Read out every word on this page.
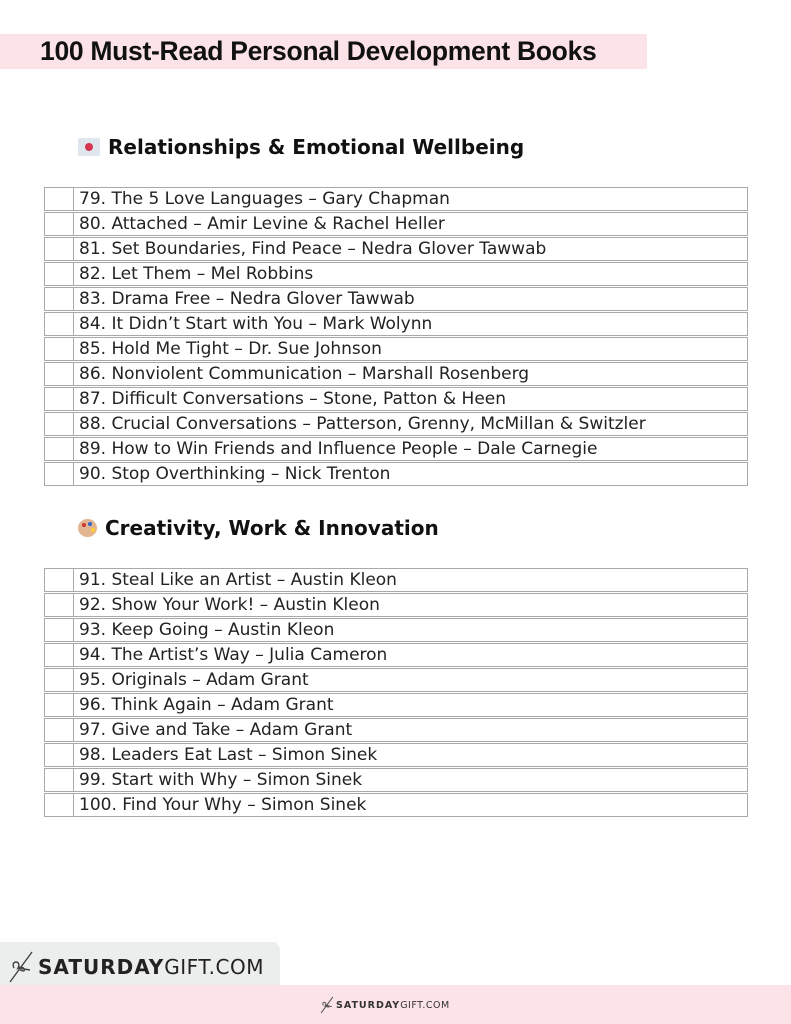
100 Must-Read Personal Development Books
Relationships & Emotional Wellbeing
	79. The 5 Love Languages – Gary Chapman
	80. Attached – Amir Levine & Rachel Heller
	81. Set Boundaries, Find Peace – Nedra Glover Tawwab
	82. Let Them – Mel Robbins
	83. Drama Free – Nedra Glover Tawwab
	84. It Didn’t Start with You – Mark Wolynn
	85. Hold Me Tight – Dr. Sue Johnson
	86. Nonviolent Communication – Marshall Rosenberg
	87. Difficult Conversations – Stone, Patton & Heen
	88. Crucial Conversations – Patterson, Grenny, McMillan & Switzler
	89. How to Win Friends and Influence People – Dale Carnegie
	90. Stop Overthinking – Nick Trenton
Creativity, Work & Innovation
	91. Steal Like an Artist – Austin Kleon
	92. Show Your Work! – Austin Kleon
	93. Keep Going – Austin Kleon
	94. The Artist’s Way – Julia Cameron
	95. Originals – Adam Grant
	96. Think Again – Adam Grant
	97. Give and Take – Adam Grant
	98. Leaders Eat Last – Simon Sinek
	99. Start with Why – Simon Sinek
	100. Find Your Why – Simon Sinek
SATURDAY GIFT.COM
SATURDAY GIFT.COM
